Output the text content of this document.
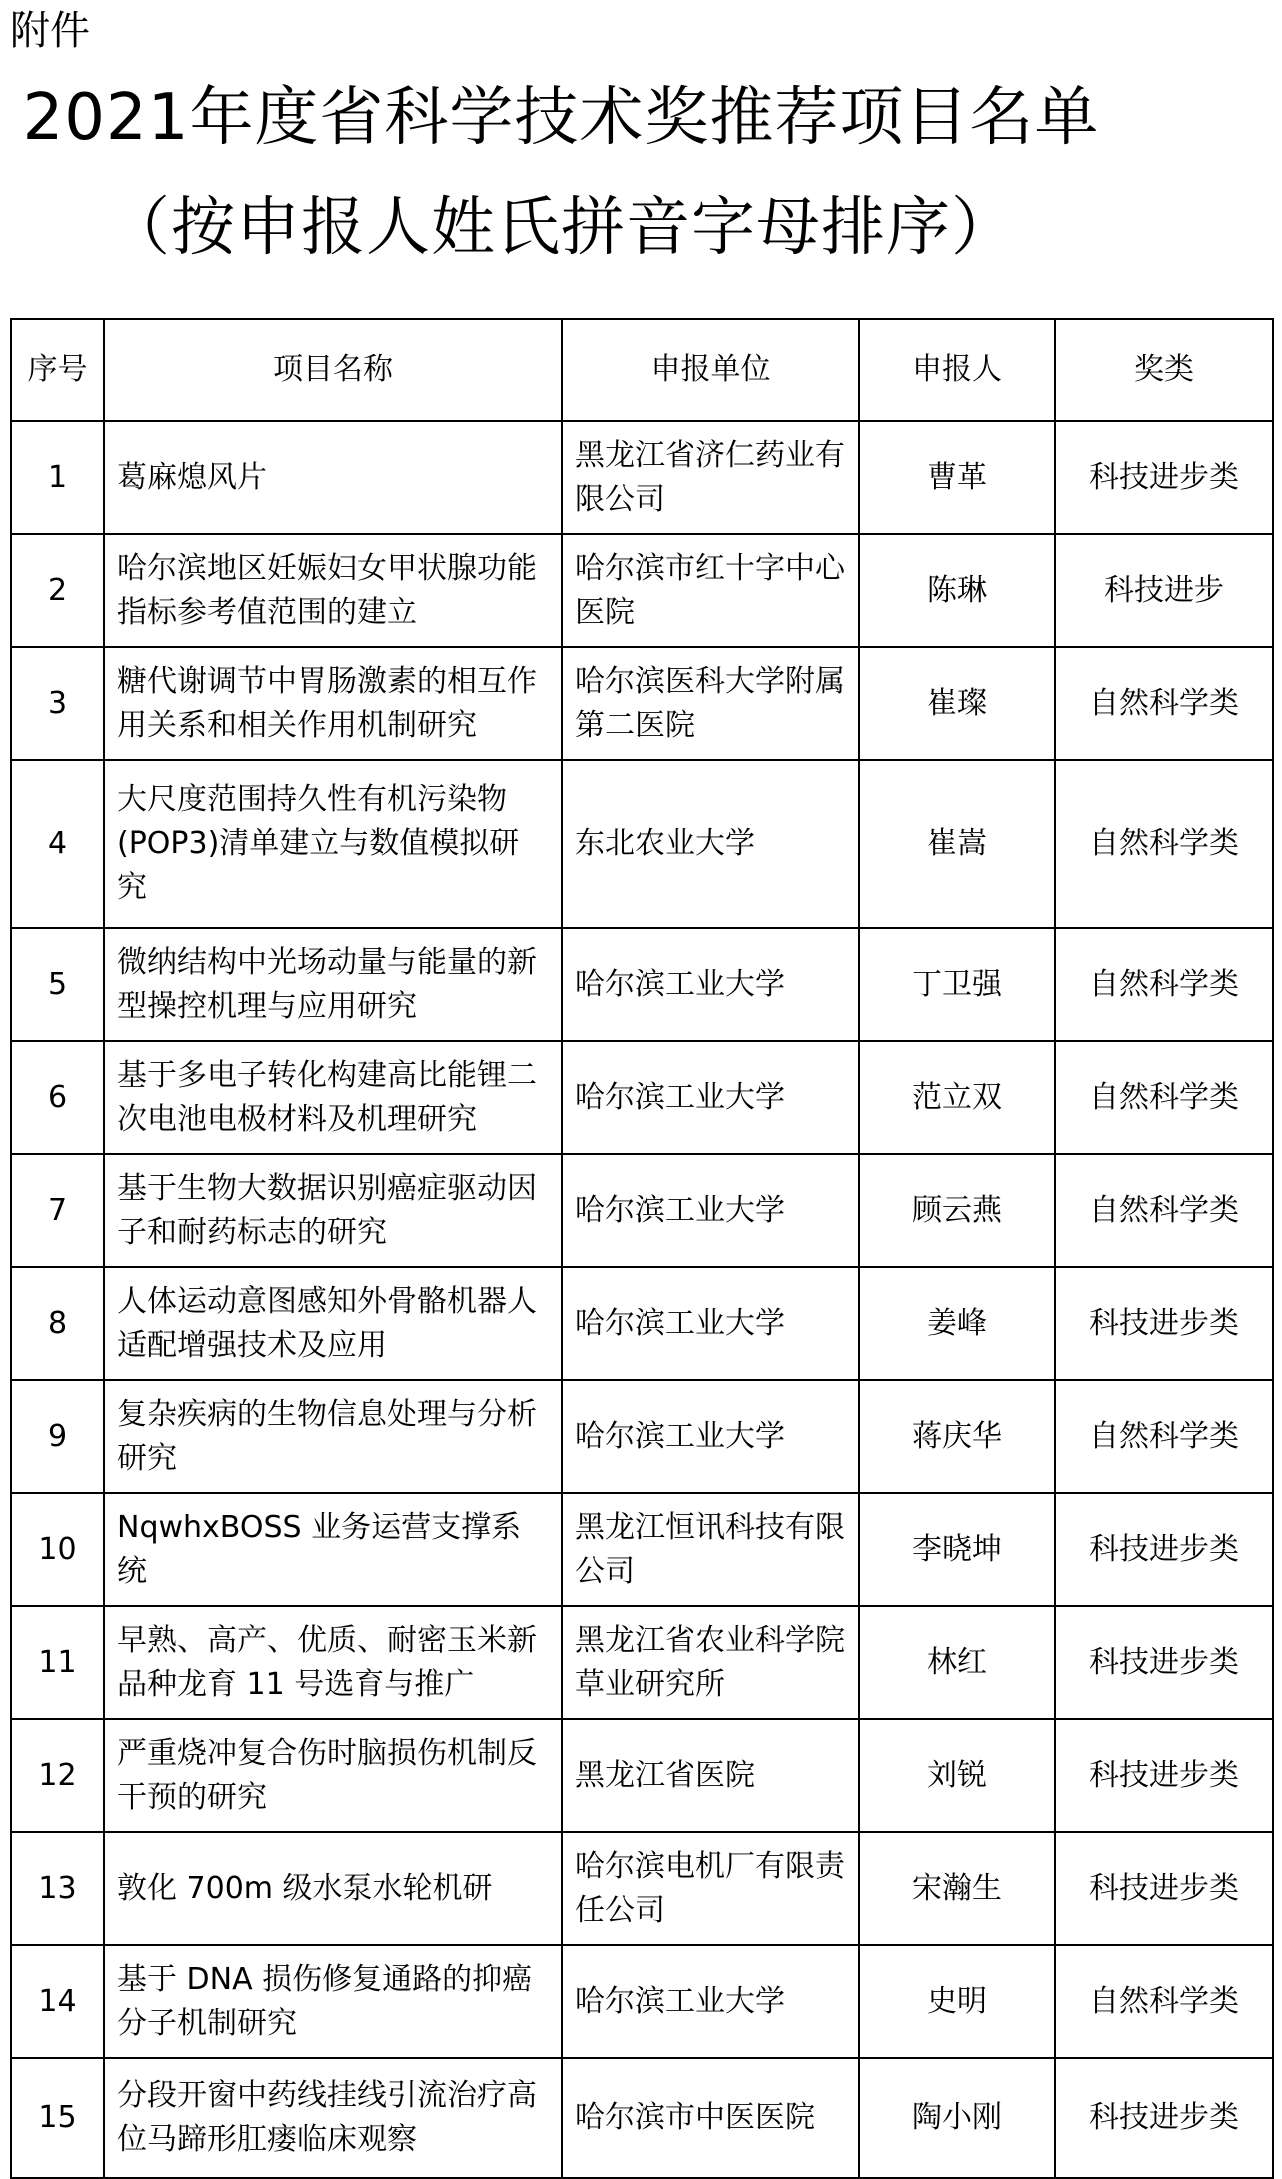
附件
2021年度省科学技术奖推荐项目名单
（按申报人姓氏拼音字母排序）
序号	项目名称	申报单位	申报人	奖类
1	葛麻熄风片	黑龙江省济仁药业有限公司	曹革	科技进步类
2	哈尔滨地区妊娠妇女甲状腺功能指标参考值范围的建立	哈尔滨市红十字中心医院	陈琳	科技进步
3	糖代谢调节中胃肠激素的相互作用关系和相关作用机制研究	哈尔滨医科大学附属第二医院	崔璨	自然科学类
4	大尺度范围持久性有机污染物(POP3)清单建立与数值模拟研究	东北农业大学	崔嵩	自然科学类
5	微纳结构中光场动量与能量的新型操控机理与应用研究	哈尔滨工业大学	丁卫强	自然科学类
6	基于多电子转化构建高比能锂二次电池电极材料及机理研究	哈尔滨工业大学	范立双	自然科学类
7	基于生物大数据识别癌症驱动因子和耐药标志的研究	哈尔滨工业大学	顾云燕	自然科学类
8	人体运动意图感知外骨骼机器人适配增强技术及应用	哈尔滨工业大学	姜峰	科技进步类
9	复杂疾病的生物信息处理与分析研究	哈尔滨工业大学	蒋庆华	自然科学类
10	NqwhxBOSS 业务运营支撑系统	黑龙江恒讯科技有限公司	李晓坤	科技进步类
11	早熟、高产、优质、耐密玉米新品种龙育 11 号选育与推广	黑龙江省农业科学院草业研究所	林红	科技进步类
12	严重烧冲复合伤时脑损伤机制反干预的研究	黑龙江省医院	刘锐	科技进步类
13	敦化 700m 级水泵水轮机研	哈尔滨电机厂有限责任公司	宋瀚生	科技进步类
14	基于 DNA 损伤修复通路的抑癌分子机制研究	哈尔滨工业大学	史明	自然科学类
15	分段开窗中药线挂线引流治疗高位马蹄形肛瘘临床观察	哈尔滨市中医医院	陶小刚	科技进步类
